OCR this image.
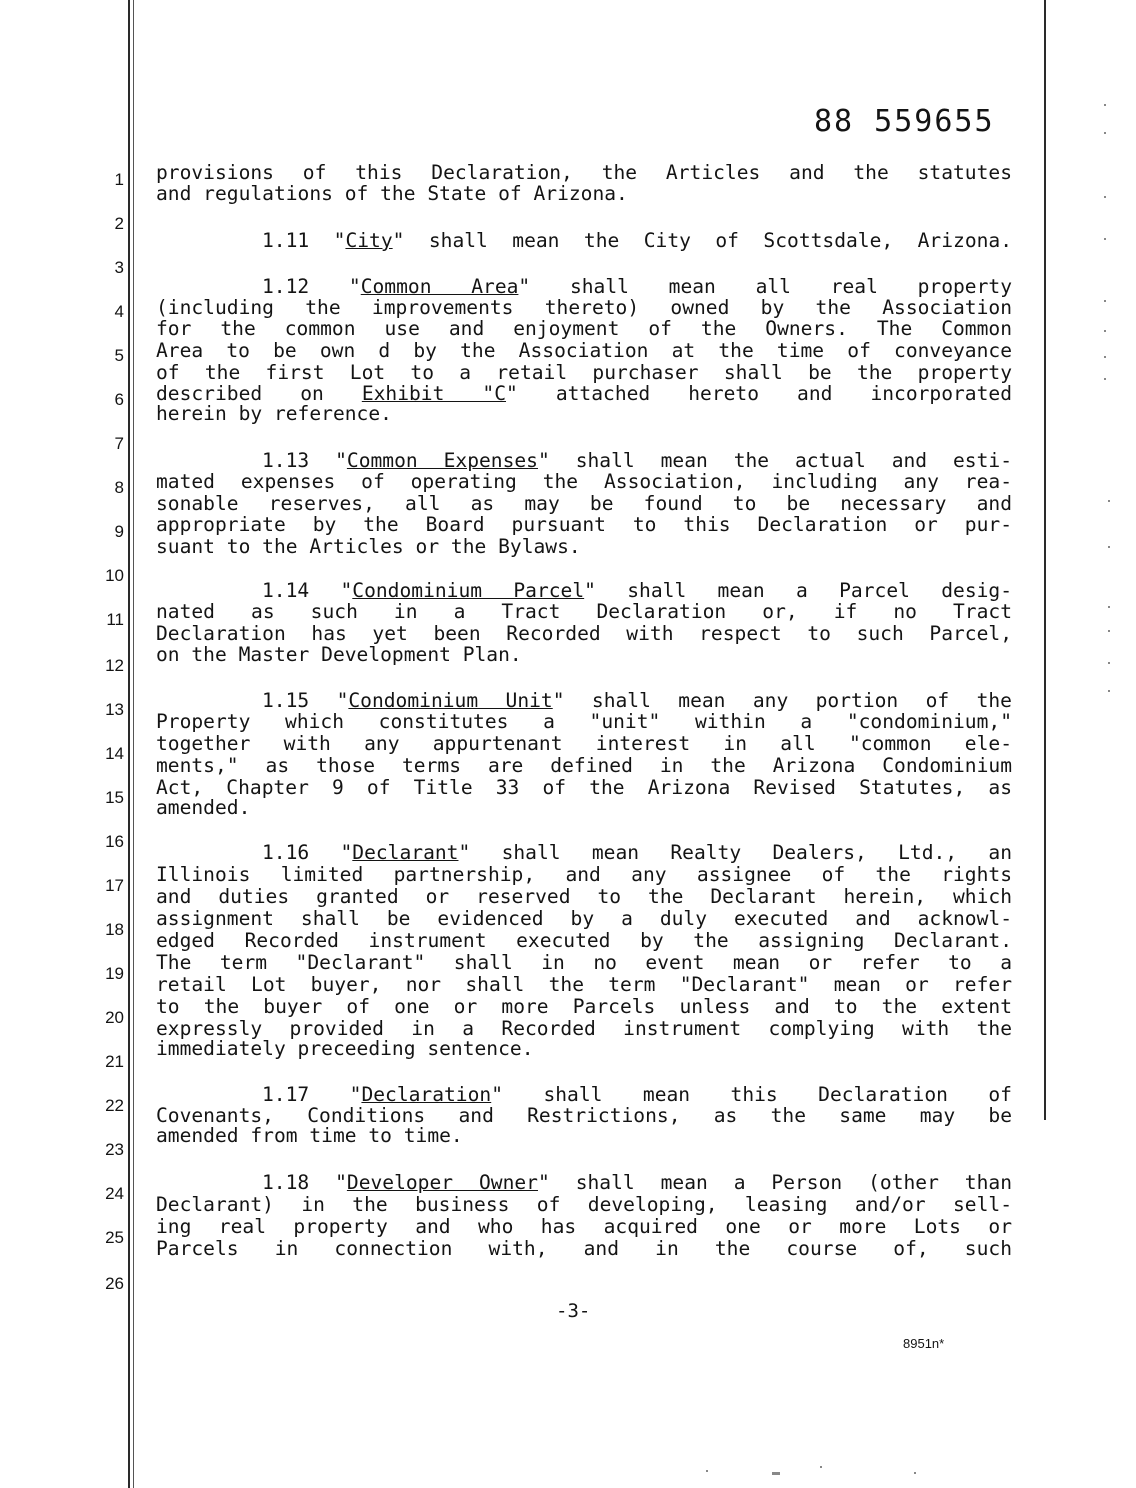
88 559655
1
2
3
4
5
6
7
8
9
10
11
12
13
14
15
16
17
18
19
20
21
22
23
24
25
26
provisions of this Declaration, the Articles and the statutes
and regulations of the State of Arizona.
1.11 "City" shall mean the City of Scottsdale, Arizona.
1.12 "Common Area" shall mean all real property
(including the improvements thereto) owned by the Association
for the common use and enjoyment of the Owners. The Common
Area to be own d by the Association at the time of conveyance
of the first Lot to a retail purchaser shall be the property
described on Exhibit "C" attached hereto and incorporated
herein by reference.
1.13 "Common Expenses" shall mean the actual and esti-
mated expenses of operating the Association, including any rea-
sonable reserves, all as may be found to be necessary and
appropriate by the Board pursuant to this Declaration or pur-
suant to the Articles or the Bylaws.
1.14 "Condominium Parcel" shall mean a Parcel desig-
nated as such in a Tract Declaration or, if no Tract
Declaration has yet been Recorded with respect to such Parcel,
on the Master Development Plan.
1.15 "Condominium Unit" shall mean any portion of the
Property which constitutes a "unit" within a "condominium,"
together with any appurtenant interest in all "common ele-
ments," as those terms are defined in the Arizona Condominium
Act, Chapter 9 of Title 33 of the Arizona Revised Statutes, as
amended.
1.16 "Declarant" shall mean Realty Dealers, Ltd., an
Illinois limited partnership, and any assignee of the rights
and duties granted or reserved to the Declarant herein, which
assignment shall be evidenced by a duly executed and acknowl-
edged Recorded instrument executed by the assigning Declarant.
The term "Declarant" shall in no event mean or refer to a
retail Lot buyer, nor shall the term "Declarant" mean or refer
to the buyer of one or more Parcels unless and to the extent
expressly provided in a Recorded instrument complying with the
immediately preceeding sentence.
1.17 "Declaration" shall mean this Declaration of
Covenants, Conditions and Restrictions, as the same may be
amended from time to time.
1.18 "Developer Owner" shall mean a Person (other than
Declarant) in the business of developing, leasing and/or sell-
ing real property and who has acquired one or more Lots or
Parcels in connection with, and in the course of, such
-3-
8951n*
